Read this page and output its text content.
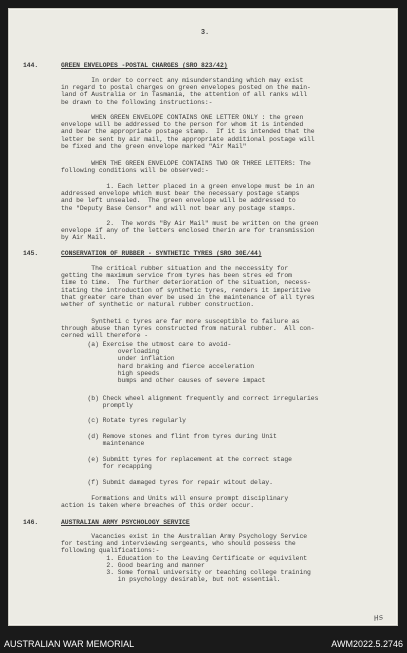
3.
144.	GREEN ENVELOPES -POSTAL CHARGES (SRO 823/42)
In order to correct any misunderstanding which may exist
in regard to postal charges on green envelopes posted on the main-
land of Australia or in Tasmania, the attention of all ranks will
be drawn to the following instructions:-
WHEN GREEN ENVELOPE CONTAINS ONE LETTER ONLY : the green
envelope will be addressed to the person for whom it is intended
and bear the appropriate postage stamp.  If it is intended that the
letter be sent by air mail, the appropriate additional postage will
be fixed and the green envelope marked "Air Mail"
WHEN THE GREEN ENVELOPE CONTAINS TWO OR THREE LETTERS: The
following conditions will be observed:-
1. Each letter placed in a green envelope must be in an
addressed envelope which must bear the necessary postage stamps
and be left unsealed.  The green envelope will be addressed to
the "Deputy Base Censor" and will not bear any postage stamps.
2.  The words "By Air Mail" must be written on the green
envelope if any of the letters enclosed therin are for transmission
by Air Mail.
145.	CONSERVATION OF RUBBER - SYNTHETIC TYRES (SRO 30E/44)
The critical rubber situation and the neccessity for
getting the maximum service from tyres has been stres ed from
time to time.  The further deterioration of the situation, necess-
itating the introduction of synthetic tyres, renders it imperitive
that greater care than ever be used in the maintenance of all tyres
wether of synthetic or natural rubber construction.
Syntheti c tyres are far more susceptible to failure as
through abuse than tyres constructed from natural rubber.  All con-
cerned will therefore -
(a) Exercise the utmost care to avoid-
overloading
under inflation
hard braking and fierce acceleration
high speeds
bumps and other causes of severe impact
(b) Check wheel alignment frequently and correct irregularies
promptly
(c) Rotate tyres regularly
(d) Remove stones and flint from tyres during Unit
maintenance
(e) Submitt tyres for replacement at the correct stage
for recapping
(f) Submit damaged tyres for repair witout delay.
Formations and Units will ensure prompt disciplinary
action is taken where breaches of this order occur.
146.	AUSTRALIAN ARMY PSYCHOLOGY SERVICE
Vacancies exist in the Australian Army Psychology Service
for testing and interviewing sergeants, who should possess the
following qualifications:-
1. Education to the Leaving Certificate or equivilent
2. Good bearing and manner
3. Some formal university or teaching college training
in psychology desirable, but not essential.
Hs
AUSTRALIAN WAR MEMORIAL	AWM2022.5.2746
